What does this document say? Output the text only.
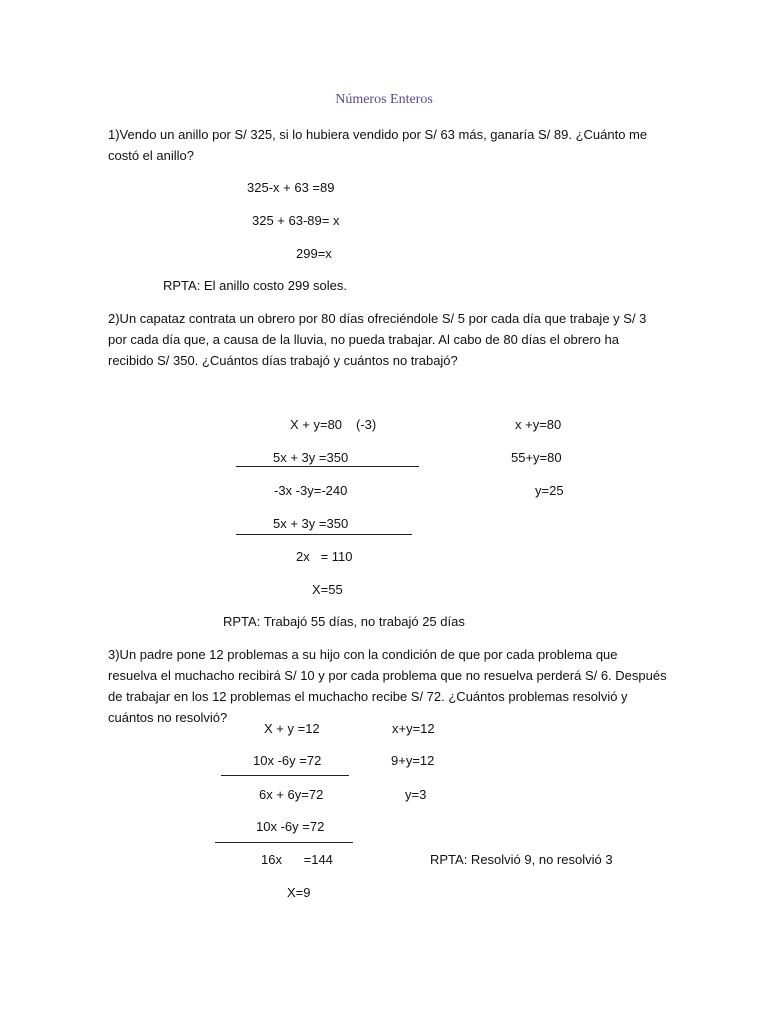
Números Enteros
1)Vendo un anillo por S/ 325, si lo hubiera vendido por S/ 63 más, ganaría S/ 89. ¿Cuánto me costó el anillo?
325-x + 63 =89
325 + 63-89= x
299=x
RPTA: El anillo costo 299 soles.
2)Un capataz contrata un obrero por 80 días ofreciéndole S/ 5 por cada día que trabaje y S/ 3 por cada día que, a causa de la lluvia, no pueda trabajar. Al cabo de 80 días el obrero ha recibido S/ 350. ¿Cuántos días trabajó y cuántos no trabajó?
X + y=80 (-3)	x +y=80
5x + 3y =350	55+y=80
-3x -3y=-240	y=25
5x + 3y =350
2x   = 110
X=55
RPTA: Trabajó 55 días, no trabajó 25 días
3)Un padre pone 12 problemas a su hijo con la condición de que por cada problema que resuelva el muchacho recibirá S/ 10 y por cada problema que no resuelva perderá S/ 6. Después de trabajar en los 12 problemas el muchacho recibe S/ 72. ¿Cuántos problemas resolvió y cuántos no resolvió?
X + y =12	x+y=12
10x -6y =72	9+y=12
6x + 6y=72	y=3
10x -6y =72
16x      =144	RPTA: Resolvió 9, no resolvió 3
X=9
